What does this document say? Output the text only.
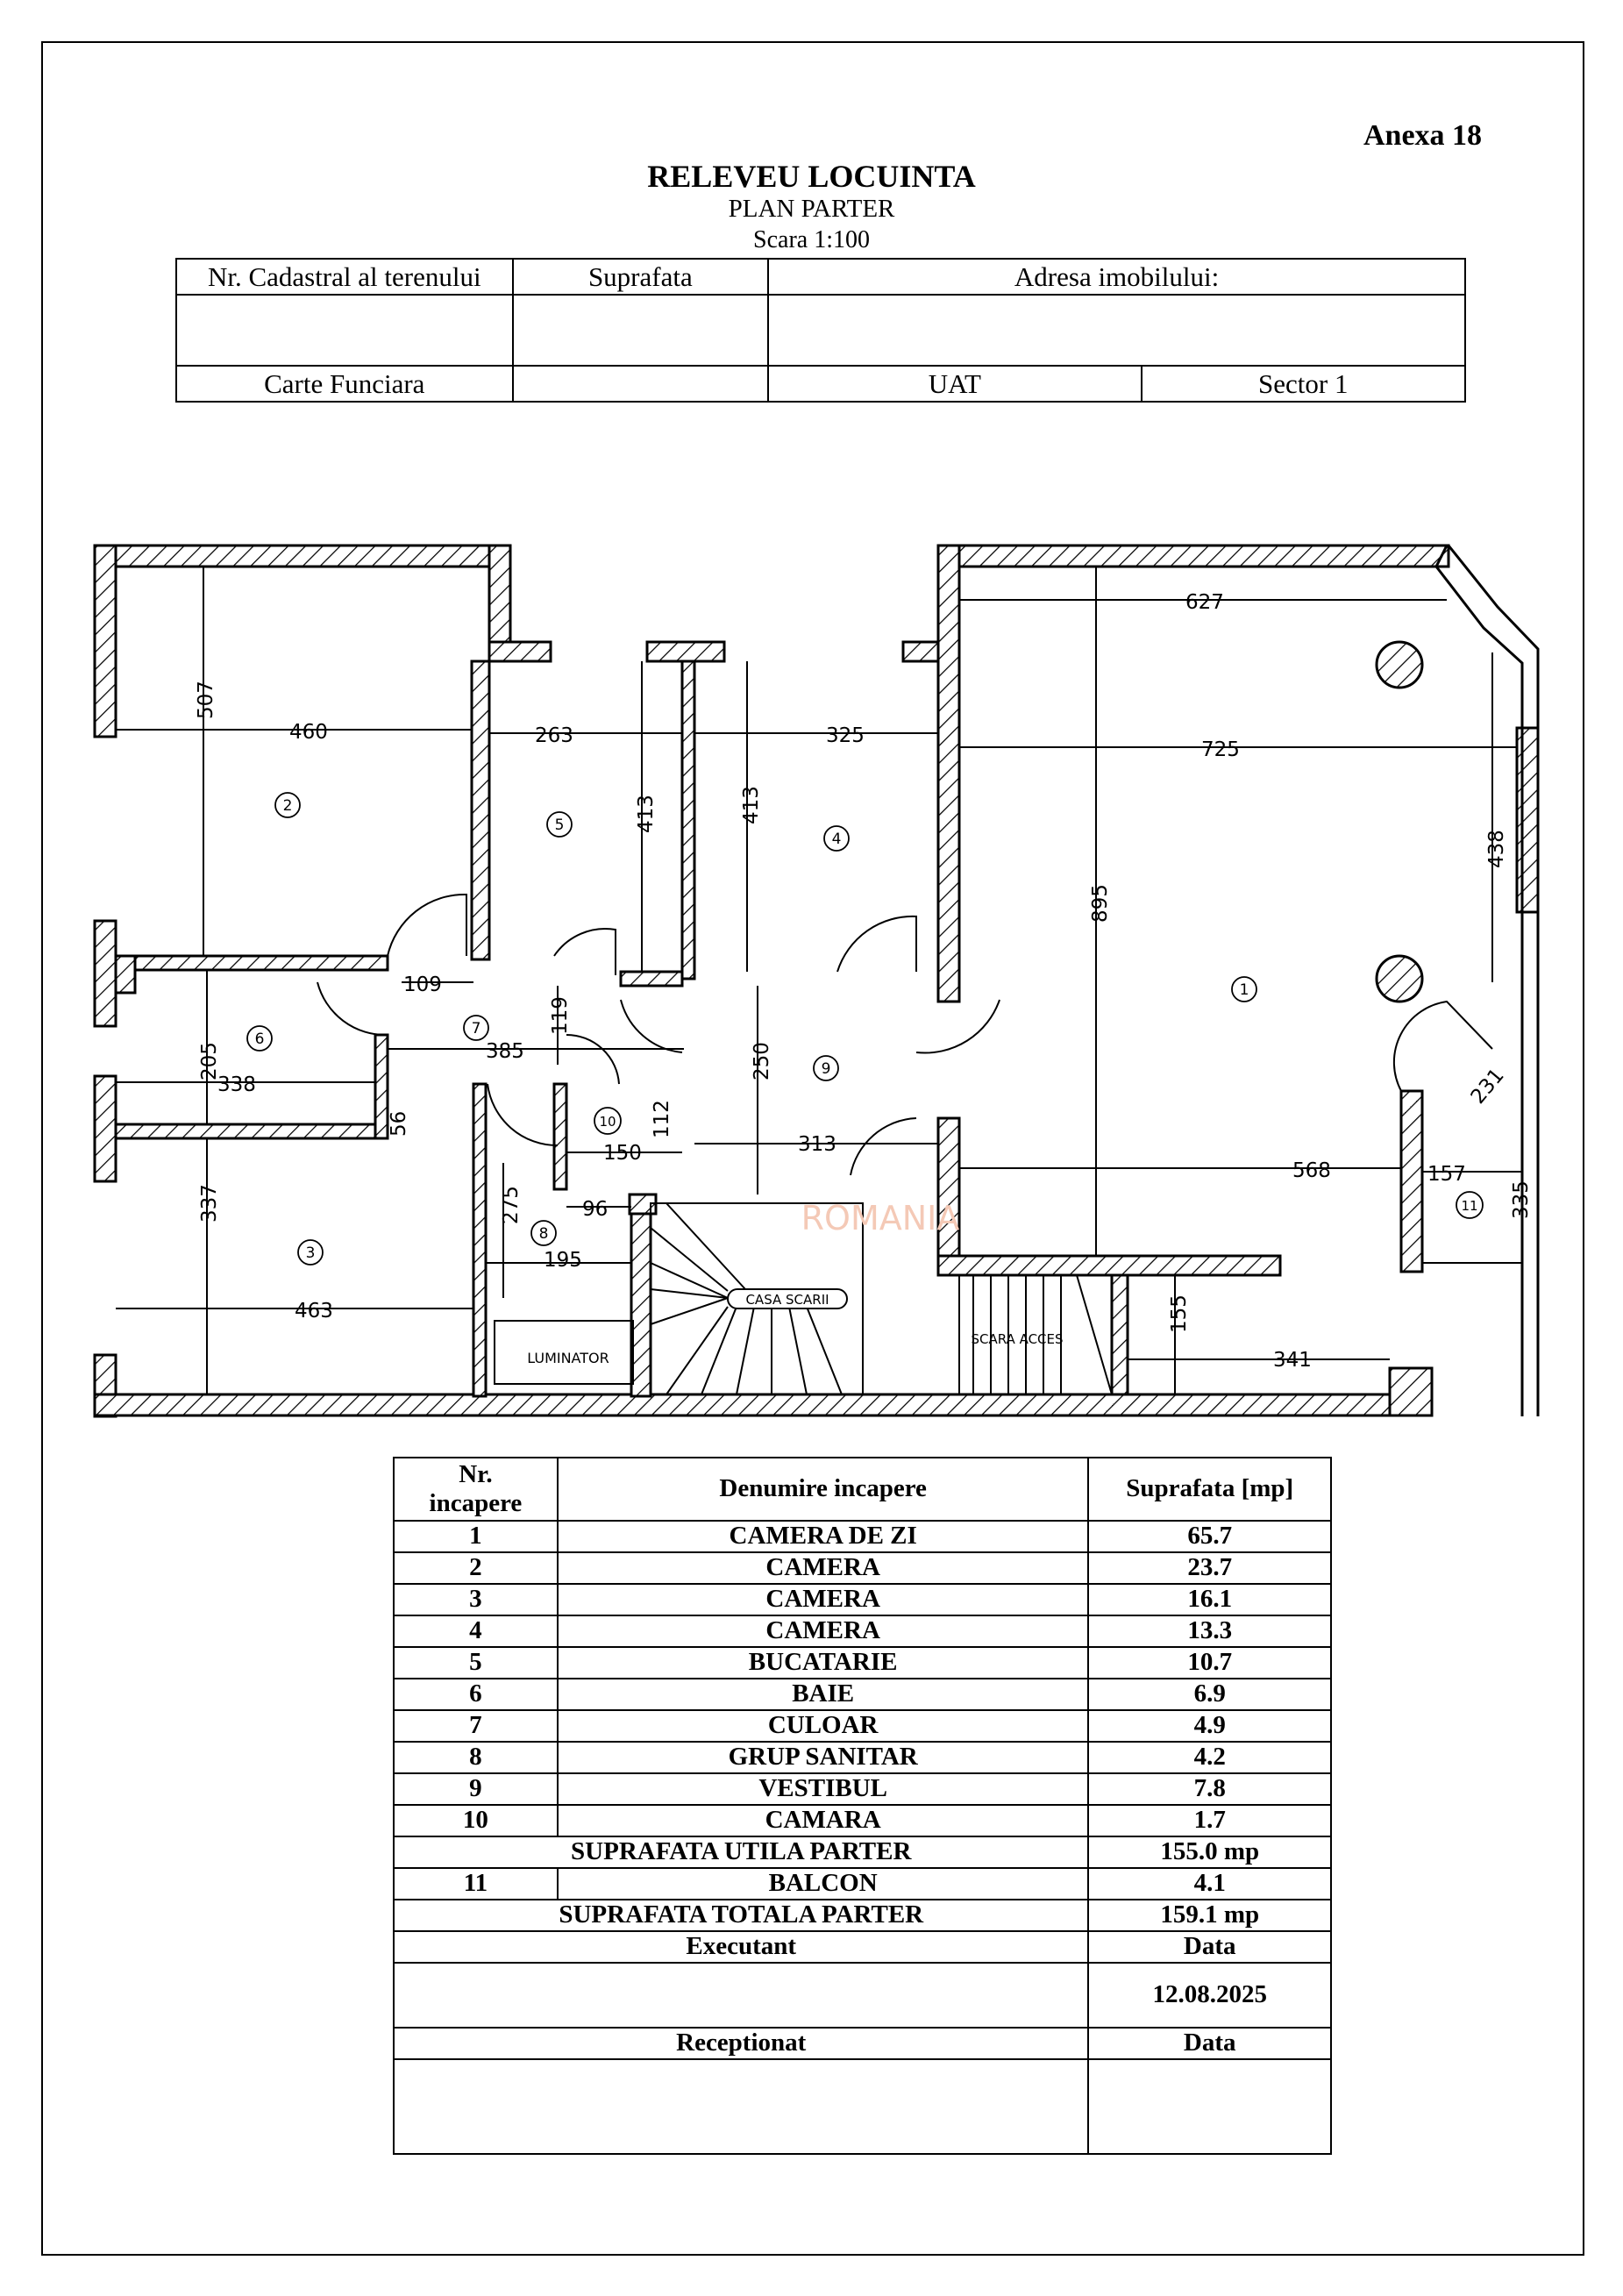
Anexa 18
RELEVEU LOCUINTA
PLAN PARTER
Scara 1:100
Nr. Cadastral al terenului	Suprafata	Adresa imobilului:	

Carte Funciara		UAT	Sector 1
627
725
507
460	263
413	413
325
895
438
109
205
338
385
119
250
56
150
112
313
568	157
231
335
337
463
275	96
195
155
341
1
2
3
4
5
6
7
8
9
10
11
CASA SCARII
SCARA ACCES
LUMINATOR
ROMANIA
Nr. incapere	Denumire incapere	Suprafata [mp]
1	CAMERA DE ZI	65.7
2	CAMERA	23.7
3	CAMERA	16.1
4	CAMERA	13.3
5	BUCATARIE	10.7
6	BAIE	6.9
7	CULOAR	4.9
8	GRUP SANITAR	4.2
9	VESTIBUL	7.8
10	CAMARA	1.7
SUPRAFATA UTILA PARTER		155.0 mp
11	BALCON	4.1
SUPRAFATA TOTALA PARTER		159.1 mp
Executant		Data
		12.08.2025
Receptionat		Data
